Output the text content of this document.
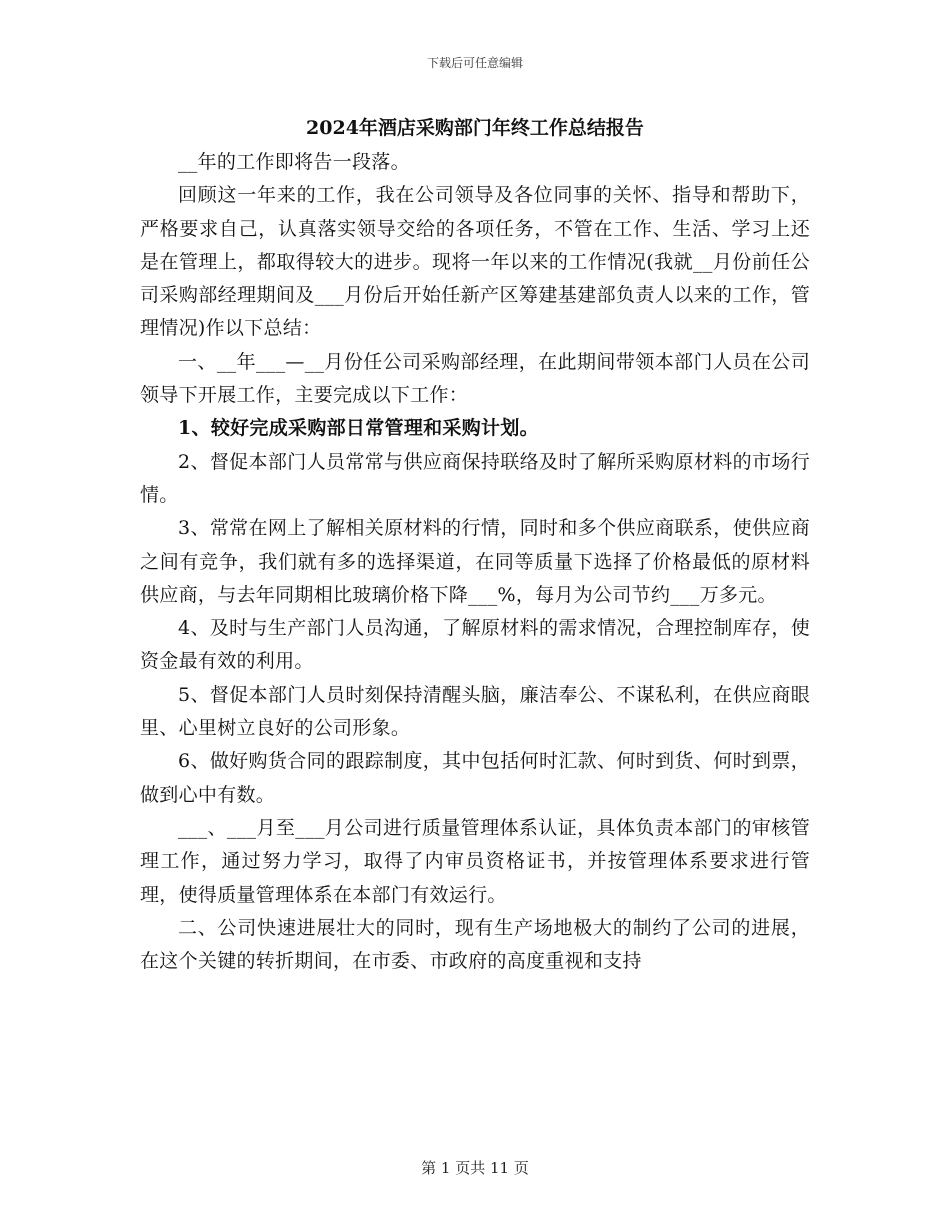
下载后可任意编辑
2024年酒店采购部门年终工作总结报告

__年的工作即将告一段落。

回顾这一年来的工作，我在公司领导及各位同事的关怀、指导和帮助下，严格要求自己，认真落实领导交给的各项任务，不管在工作、生活、学习上还是在管理上，都取得较大的进步。现将一年以来的工作情况(我就__月份前任公司采购部经理期间及___月份后开始任新产区筹建基建部负责人以来的工作，管理情况)作以下总结：

一、__年___—__月份任公司采购部经理，在此期间带领本部门人员在公司领导下开展工作，主要完成以下工作：

1、较好完成采购部日常管理和采购计划。

2、督促本部门人员常常与供应商保持联络及时了解所采购原材料的市场行情。

3、常常在网上了解相关原材料的行情，同时和多个供应商联系，使供应商之间有竞争，我们就有多的选择渠道，在同等质量下选择了价格最低的原材料供应商，与去年同期相比玻璃价格下降___%，每月为公司节约___万多元。

4、及时与生产部门人员沟通，了解原材料的需求情况，合理控制库存，使资金最有效的利用。

5、督促本部门人员时刻保持清醒头脑，廉洁奉公、不谋私利，在供应商眼里、心里树立良好的公司形象。

6、做好购货合同的跟踪制度，其中包括何时汇款、何时到货、何时到票，做到心中有数。

___、___月至___月公司进行质量管理体系认证，具体负责本部门的审核管理工作，通过努力学习，取得了内审员资格证书，并按管理体系要求进行管理，使得质量管理体系在本部门有效运行。

二、公司快速进展壮大的同时，现有生产场地极大的制约了公司的进展，在这个关键的转折期间，在市委、市政府的高度重视和支持

第 1 页共 11 页
